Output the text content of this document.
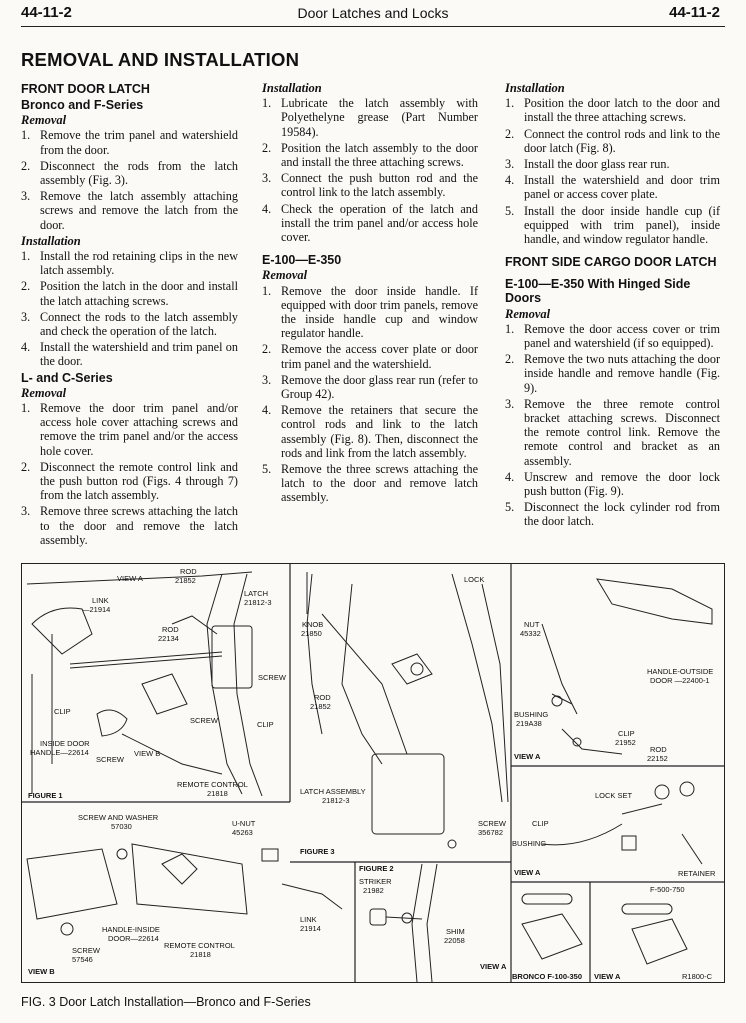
44-11-2	Door Latches and Locks	44-11-2
REMOVAL AND INSTALLATION
FRONT DOOR LATCH
Bronco and F-Series
Removal
1. Remove the trim panel and watershield from the door.
2. Disconnect the rods from the latch assembly (Fig. 3).
3. Remove the latch assembly attaching screws and remove the latch from the door.
Installation
1. Install the rod retaining clips in the new latch assembly.
2. Position the latch in the door and install the latch attaching screws.
3. Connect the rods to the latch assembly and check the operation of the latch.
4. Install the watershield and trim panel on the door.
L- and C-Series
Removal
1. Remove the door trim panel and/or access hole cover attaching screws and remove the trim panel and/or the access hole cover.
2. Disconnect the remote control link and the push button rod (Figs. 4 through 7) from the latch assembly.
3. Remove three screws attaching the latch to the door and remove the latch assembly.
Installation
1. Lubricate the latch assembly with Polyethelyne grease (Part Number 19584).
2. Position the latch assembly to the door and install the three attaching screws.
3. Connect the push button rod and the control link to the latch assembly.
4. Check the operation of the latch and install the trim panel and/or access hole cover.
E-100—E-350
Removal
1. Remove the door inside handle. If equipped with door trim panels, remove the inside handle cup and window regulator handle.
2. Remove the access cover plate or door trim panel and the watershield.
3. Remove the door glass rear run (refer to Group 42).
4. Remove the retainers that secure the control rods and link to the latch assembly (Fig. 8). Then, disconnect the rods and link from the latch assembly.
5. Remove the three screws attaching the latch to the door and remove latch assembly.
Installation
1. Position the door latch to the door and install the three attaching screws.
2. Connect the control rods and link to the door latch (Fig. 8).
3. Install the door glass rear run.
4. Install the watershield and door trim panel or access cover plate.
5. Install the door inside handle cup (if equipped with trim panel), inside handle, and window regulator handle.
FRONT SIDE CARGO DOOR LATCH
E-100—E-350 With Hinged Side Doors
Removal
1. Remove the door access cover or trim panel and watershield (if so equipped).
2. Remove the two nuts attaching the door inside handle and remove handle (Fig. 9).
3. Remove the three remote control bracket attaching screws. Disconnect the remote control link. Remove the remote control and bracket as an assembly.
4. Unscrew and remove the door lock push button (Fig. 9).
5. Disconnect the lock cylinder rod from the door latch.
VIEW A
ROD
21852
LATCH
21812-3
LINK
—21914
ROD
22134
SCREW
CLIP
SCREW	CLIP
INSIDE DOOR
HANDLE—22614
SCREW
VIEW B
REMOTE CONTROL
21818
FIGURE 1
KNOB
21850
ROD
21852
LOCK
LATCH ASSEMBLY
21812-3
SCREW
356782
FIGURE 3
NUT
45332
HANDLE-OUTSIDE
DOOR —22400-1
BUSHING
219A38
CLIP
21952
ROD
22152
VIEW A
SCREW AND WASHER
57030	U-NUT
45263
LINK
21914
HANDLE-INSIDE
DOOR—22614
REMOTE CONTROL
21818
SCREW
57546
VIEW B
FIGURE 2
STRIKER
21982
SHIM
22058
LOCK SET
CLIP
BUSHING
VIEW A	RETAINER
F-500-750
VIEW A
BRONCO F-100-350 VIEW A	R1800-C
FIG. 3 Door Latch Installation—Bronco and F-Series
